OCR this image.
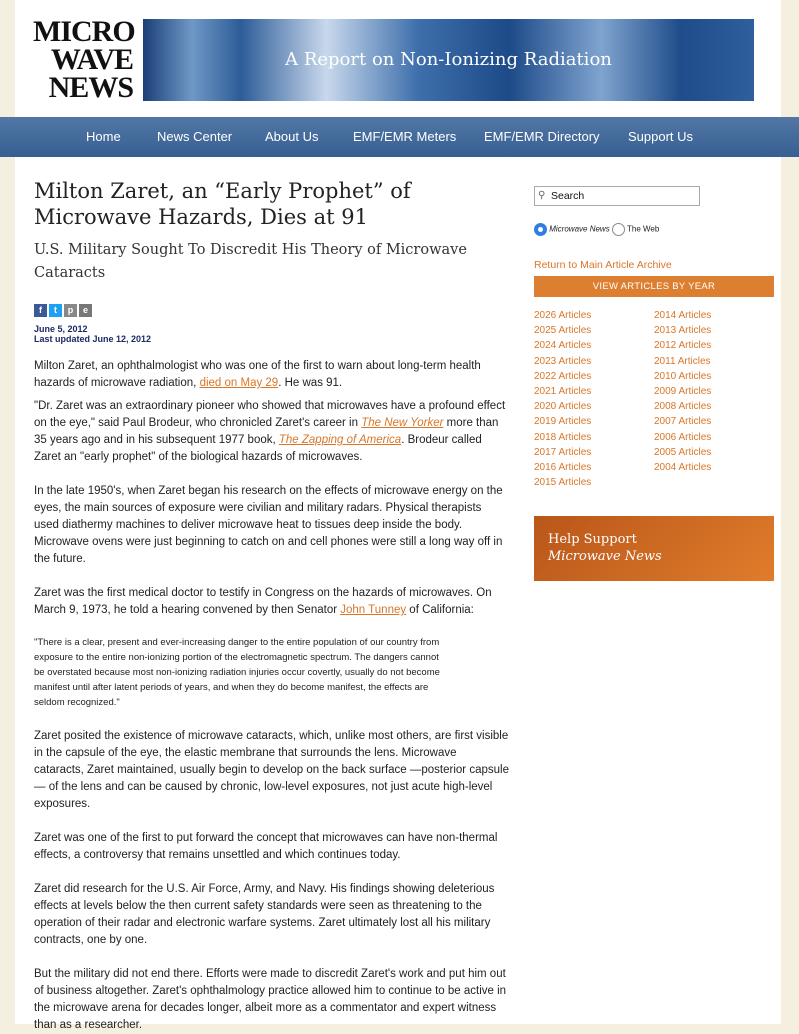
MICRO
WAVE
NEWS
A Report on Non-Ionizing Radiation
Home	News Center	About Us	EMF/EMR Meters EMF/EMR Directory Support Us
Milton Zaret, an “Early Prophet” of Microwave Hazards, Dies at 91
U.S. Military Sought To Discredit His Theory of Microwave Cataracts
f t p e
June 5, 2012
Last updated June 12, 2012

Milton Zaret, an ophthalmologist who was one of the first to warn about long-term health hazards of microwave radiation, died on May 29. He was 91.

"Dr. Zaret was an extraordinary pioneer who showed that microwaves have a profound effect on the eye," said Paul Brodeur, who chronicled Zaret's career in The New Yorker more than 35 years ago and in his subsequent 1977 book, The Zapping of America. Brodeur called Zaret an "early prophet" of the biological hazards of microwaves.

In the late 1950's, when Zaret began his research on the effects of microwave energy on the eyes, the main sources of exposure were civilian and military radars. Physical therapists used diathermy machines to deliver microwave heat to tissues deep inside the body. Microwave ovens were just beginning to catch on and cell phones were still a long way off in the future.

Zaret was the first medical doctor to testify in Congress on the hazards of microwaves. On March 9, 1973, he told a hearing convened by then Senator John Tunney of California:

"There is a clear, present and ever-increasing danger to the entire population of our country from exposure to the entire non-ionizing portion of the electromagnetic spectrum. The dangers cannot be overstated because most non-ionizing radiation injuries occur covertly, usually do not become manifest until after latent periods of years, and when they do become manifest, the effects are seldom recognized."

Zaret posited the existence of microwave cataracts, which, unlike most others, are first visible in the capsule of the eye, the elastic membrane that surrounds the lens. Microwave cataracts, Zaret maintained, usually begin to develop on the back surface —posterior capsule— of the lens and can be caused by chronic, low-level exposures, not just acute high-level exposures.

Zaret was one of the first to put forward the concept that microwaves can have non-thermal effects, a controversy that remains unsettled and which continues today.

Zaret did research for the U.S. Air Force, Army, and Navy. His findings showing deleterious effects at levels below the then current safety standards were seen as threatening to the operation of their radar and electronic warfare systems. Zaret ultimately lost all his military contracts, one by one.

But the military did not end there. Efforts were made to discredit Zaret's work and put him out of business altogether. Zaret's ophthalmology practice allowed him to continue to be active in the microwave arena for decades longer, albeit more as a commentator and expert witness than as a researcher.

⚲ Search
Microwave News The Web
Return to Main Article Archive
VIEW ARTICLES BY YEAR
2026 Articles
2025 Articles
2024 Articles
2023 Articles
2022 Articles
2021 Articles
2020 Articles
2019 Articles
2018 Articles
2017 Articles
2016 Articles
2015 Articles
2014 Articles
2013 Articles
2012 Articles
2011 Articles
2010 Articles
2009 Articles
2008 Articles
2007 Articles
2006 Articles
2005 Articles
2004 Articles
Help Support
Microwave News
